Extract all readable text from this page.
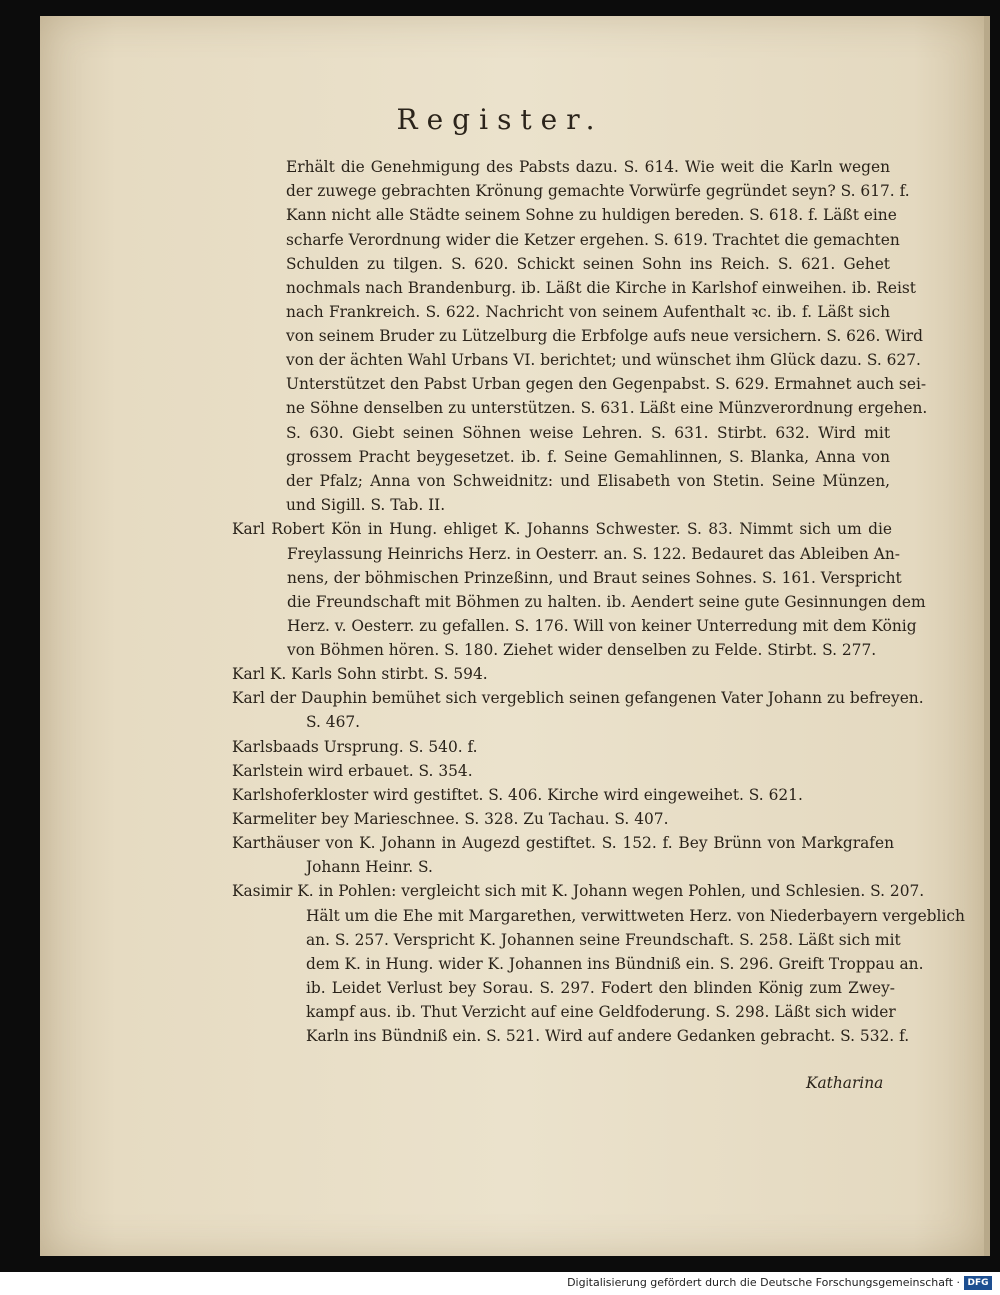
Register.
Erhält die Genehmigung des Pabsts dazu. S. 614. Wie weit die Karln wegen
der zuwege gebrachten Krönung gemachte Vorwürfe gegründet seyn? S. 617. f.
Kann nicht alle Städte seinem Sohne zu huldigen bereden. S. 618. f. Läßt eine
scharfe Verordnung wider die Ketzer ergehen. S. 619. Trachtet die gemachten
Schulden zu tilgen. S. 620. Schickt seinen Sohn ins Reich. S. 621. Gehet
nochmals nach Brandenburg. ib. Läßt die Kirche in Karlshof einweihen. ib. Reist
nach Frankreich. S. 622. Nachricht von seinem Aufenthalt ꝛc. ib. f. Läßt sich
von seinem Bruder zu Lützelburg die Erbfolge aufs neue versichern. S. 626. Wird
von der ächten Wahl Urbans VI. berichtet; und wünschet ihm Glück dazu. S. 627.
Unterstützet den Pabst Urban gegen den Gegenpabst. S. 629. Ermahnet auch sei-
ne Söhne denselben zu unterstützen. S. 631. Läßt eine Münzverordnung ergehen.
S. 630. Giebt seinen Söhnen weise Lehren. S. 631. Stirbt. 632. Wird mit
grossem Pracht beygesetzet. ib. f. Seine Gemahlinnen, S. Blanka, Anna von
der Pfalz; Anna von Schweidnitz: und Elisabeth von Stetin. Seine Münzen,
und Sigill. S. Tab. II.
Karl Robert Kön in Hung. ehliget K. Johanns Schwester. S. 83. Nimmt sich um die
Freylassung Heinrichs Herz. in Oesterr. an. S. 122. Bedauret das Ableiben An-
nens, der böhmischen Prinzeßinn, und Braut seines Sohnes. S. 161. Verspricht
die Freundschaft mit Böhmen zu halten. ib. Aendert seine gute Gesinnungen dem
Herz. v. Oesterr. zu gefallen. S. 176. Will von keiner Unterredung mit dem König
von Böhmen hören. S. 180. Ziehet wider denselben zu Felde. Stirbt. S. 277.
Karl K. Karls Sohn stirbt. S. 594.
Karl der Dauphin bemühet sich vergeblich seinen gefangenen Vater Johann zu befreyen.
S. 467.
Karlsbaads Ursprung. S. 540. f.
Karlstein wird erbauet. S. 354.
Karlshoferkloster wird gestiftet. S. 406. Kirche wird eingeweihet. S. 621.
Karmeliter bey Marieschnee. S. 328. Zu Tachau. S. 407.
Karthäuser von K. Johann in Augezd gestiftet. S. 152. f. Bey Brünn von Markgrafen
Johann Heinr. S.
Kasimir K. in Pohlen: vergleicht sich mit K. Johann wegen Pohlen, und Schlesien. S. 207.
Hält um die Ehe mit Margarethen, verwittweten Herz. von Niederbayern vergeblich
an. S. 257. Verspricht K. Johannen seine Freundschaft. S. 258. Läßt sich mit
dem K. in Hung. wider K. Johannen ins Bündniß ein. S. 296. Greift Troppau an.
ib. Leidet Verlust bey Sorau. S. 297. Fodert den blinden König zum Zwey-
kampf aus. ib. Thut Verzicht auf eine Geldfoderung. S. 298. Läßt sich wider
Karln ins Bündniß ein. S. 521. Wird auf andere Gedanken gebracht. S. 532. f.
Katharina
Digitalisierung gefördert durch die Deutsche Forschungsgemeinschaft · DFG
